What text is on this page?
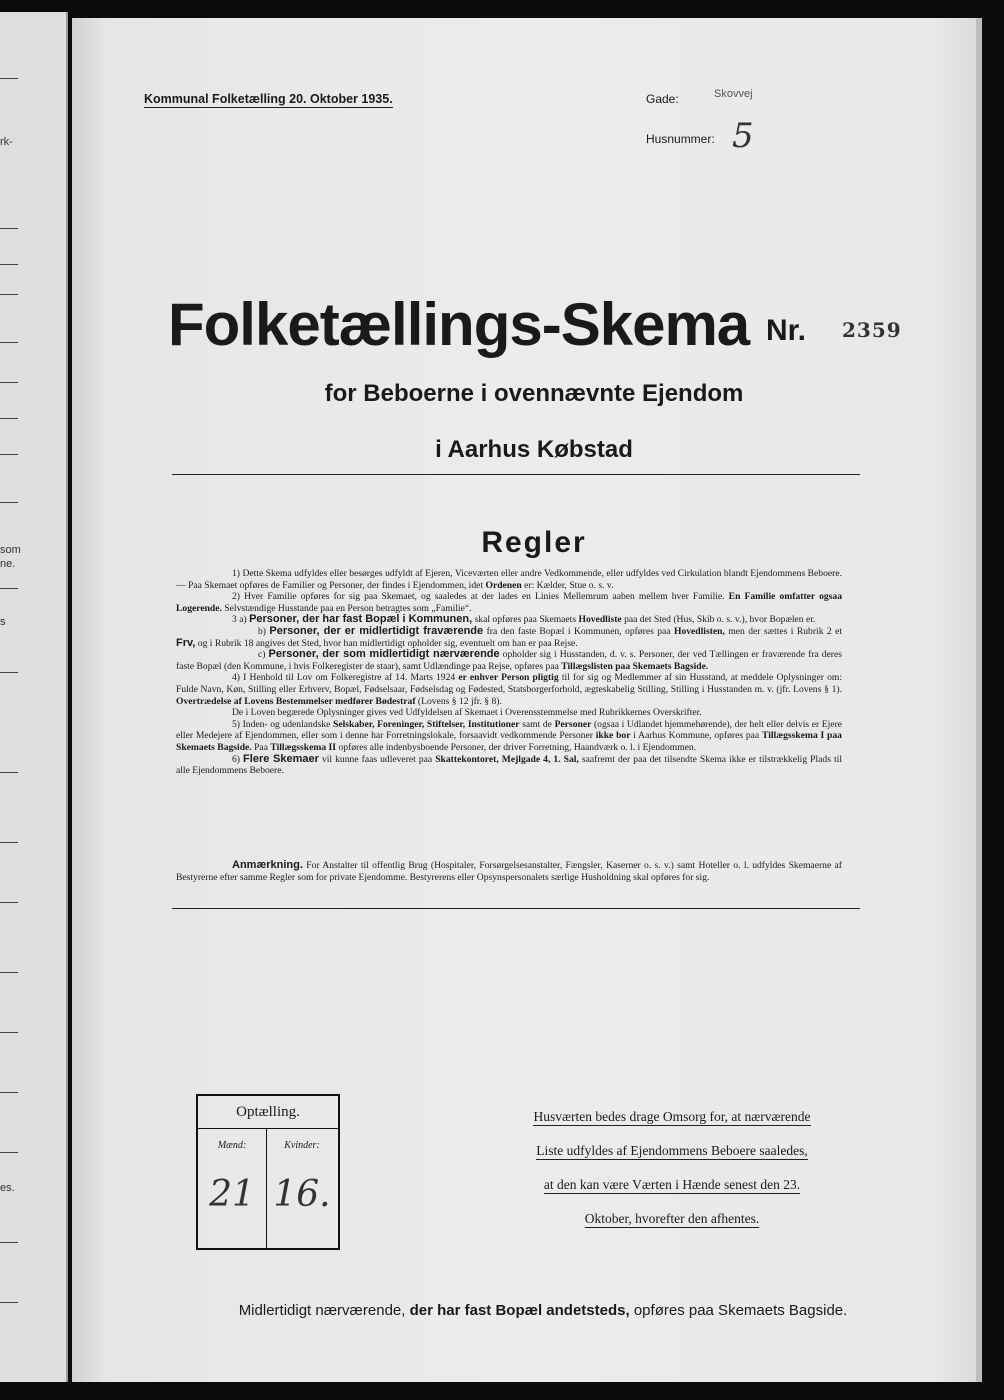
rk-
som
ne.
s
es.
Kommunal Folketælling 20. Oktober 1935.	Gade:	Skovvej
Husnummer: 5
Folketællings-Skema Nr. 2359
for Beboerne i ovennævnte Ejendom
i Aarhus Købstad
Regler

1) Dette Skema udfyldes eller besørges udfyldt af Ejeren, Viceværten eller andre Vedkommende, eller udfyldes ved Cirkulation blandt Ejendommens Beboere. — Paa Skemaet opføres de Familier og Personer, der findes i Ejendommen, idet Ordenen er: Kælder, Stue o. s. v.

2) Hver Familie opføres for sig paa Skemaet, og saaledes at der lades en Linies Mellemrum aaben mellem hver Familie. En Familie omfatter ogsaa Logerende. Selvstændige Husstande paa en Person betragtes som „Familie“.

3 a) Personer, der har fast Bopæl i Kommunen, skal opføres paa Skemaets Hovedliste paa det Sted (Hus, Skib o. s. v.), hvor Bopælen er.

b) Personer, der er midlertidigt fraværende fra den faste Bopæl i Kommunen, opføres paa Hovedlisten, men der sættes i Rubrik 2 et Frv, og i Rubrik 18 angives det Sted, hvor han midlertidigt opholder sig, eventuelt om han er paa Rejse.

c) Personer, der som midlertidigt nærværende opholder sig i Husstanden, d. v. s. Personer, der ved Tællingen er fraværende fra deres faste Bopæl (den Kommune, i hvis Folkeregister de staar), samt Udlændinge paa Rejse, opføres paa Tillægslisten paa Skemaets Bagside.

4) I Henhold til Lov om Folkeregistre af 14. Marts 1924 er enhver Person pligtig til for sig og Medlemmer af sin Husstand, at meddele Oplysninger om: Fulde Navn, Køn, Stilling eller Erhverv, Bopæl, Fødselsaar, Fødselsdag og Fødested, Statsborgerforhold, ægteskabelig Stilling, Stilling i Husstanden m. v. (jfr. Lovens § 1). Overtrædelse af Lovens Bestemmelser medfører Bødestraf (Lovens § 12 jfr. § 8).

De i Loven begærede Oplysninger gives ved Udfyldelsen af Skemaet i Overensstemmelse med Rubrikkernes Overskrifter.

5) Inden- og udenlandske Selskaber, Foreninger, Stiftelser, Institutioner samt de Personer (ogsaa i Udlandet hjemmehørende), der helt eller delvis er Ejere eller Medejere af Ejendommen, eller som i denne har Forretningslokale, forsaavidt vedkommende Personer ikke bor i Aarhus Kommune, opføres paa Tillægsskema I paa Skemaets Bagside. Paa Tillægsskema II opføres alle indenbysboende Personer, der driver Forretning, Haandværk o. l. i Ejendommen.

6) Flere Skemaer vil kunne faas udleveret paa Skattekontoret, Mejlgade 4, 1. Sal, saafremt der paa det tilsendte Skema ikke er tilstrækkelig Plads til alle Ejendommens Beboere.

Anmærkning. For Anstalter til offentlig Brug (Hospitaler, Forsørgelsesanstalter, Fængsler, Kaserner o. s. v.) samt Hoteller o. l. udfyldes Skemaerne af Bestyrerne efter samme Regler som for private Ejendomme. Bestyrerens eller Opsynspersonalets særlige Husholdning skal opføres for sig.

Optælling.
Mænd:	Kvinder:
21 16.
Husværten bedes drage Omsorg for, at nærværende
Liste udfyldes af Ejendommens Beboere saaledes,
at den kan være Værten i Hænde senest den 23.
Oktober, hvorefter den afhentes.
Midlertidigt nærværende, der har fast Bopæl andetsteds, opføres paa Skemaets Bagside.
